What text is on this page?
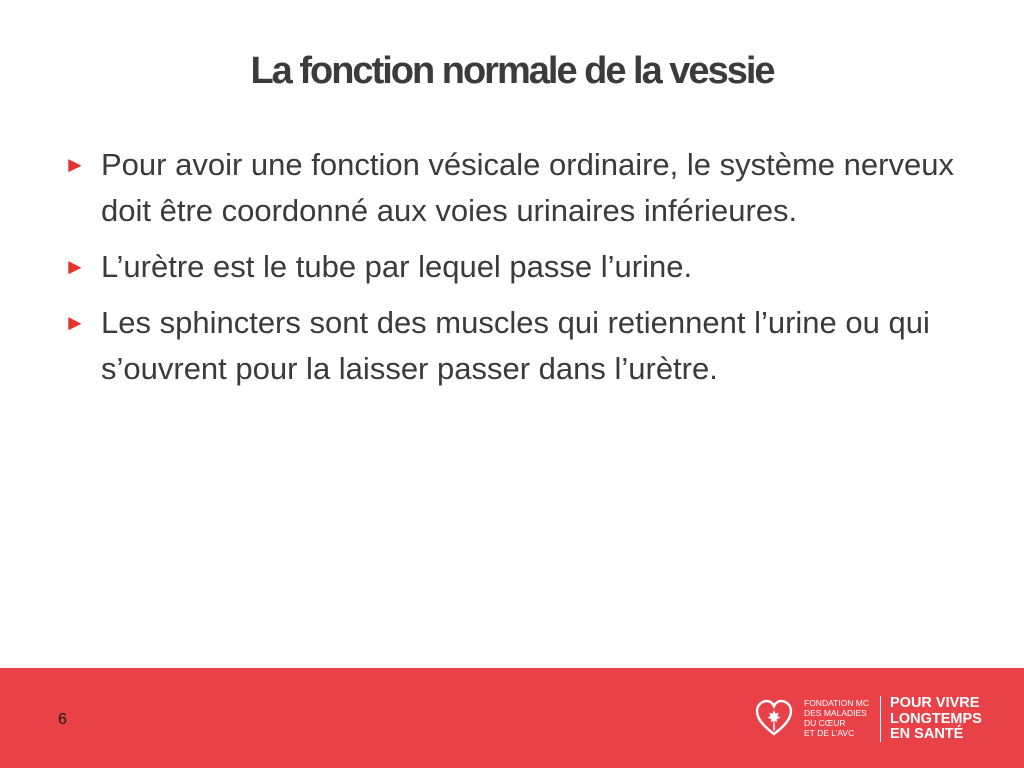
La fonction normale de la vessie
► Pour avoir une fonction vésicale ordinaire, le système nerveux doit être coordonné aux voies urinaires inférieures.
► L’urètre est le tube par lequel passe l’urine.
► Les sphincters sont des muscles qui retiennent l’urine ou qui s’ouvrent pour la laisser passer dans l’urètre.
6
FONDATION MC
DES MALADIES
DU CŒUR
ET DE L’AVC
POUR VIVRE
LONGTEMPS
EN SANTÉ
